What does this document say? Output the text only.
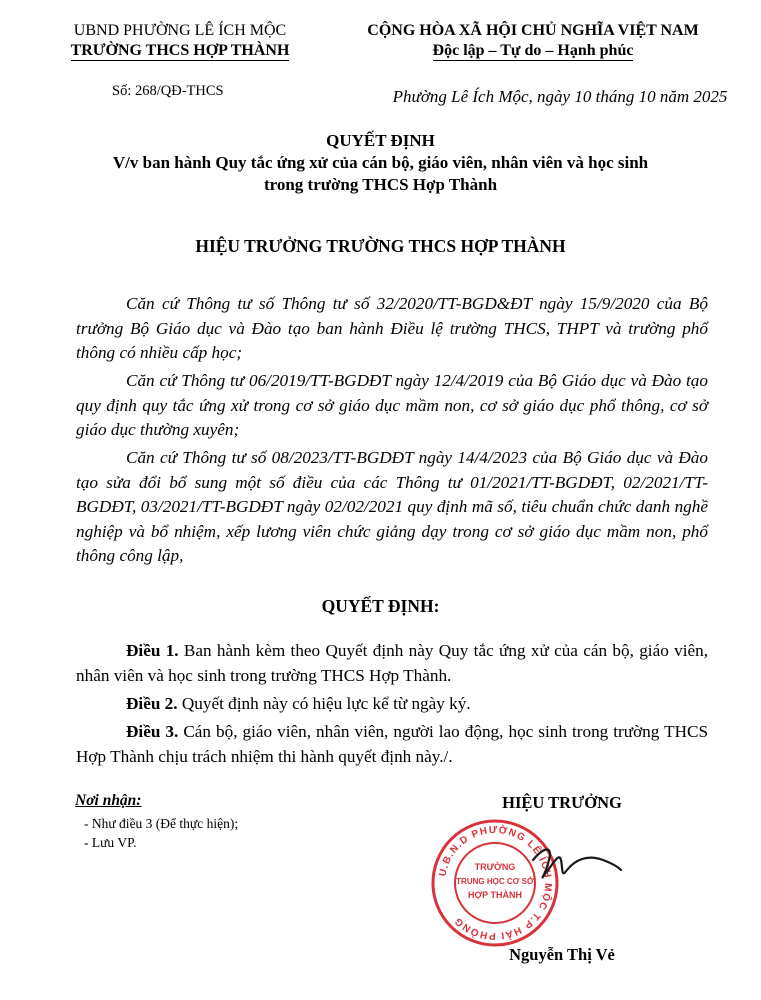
UBND PHƯỜNG LÊ ÍCH MỘC
TRƯỜNG THCS HỢP THÀNH
Số: 268/QĐ-THCS
CỘNG HÒA XÃ HỘI CHỦ NGHĨA VIỆT NAM
Độc lập – Tự do – Hạnh phúc
Phường Lê Ích Mộc, ngày 10 tháng 10 năm 2025
QUYẾT ĐỊNH
V/v ban hành Quy tắc ứng xử của cán bộ, giáo viên, nhân viên và học sinh
trong trường THCS Hợp Thành
HIỆU TRƯỞNG TRƯỜNG THCS HỢP THÀNH
Căn cứ Thông tư số Thông tư số 32/2020/TT-BGD&ĐT ngày 15/9/2020 của Bộ trưởng Bộ Giáo dục và Đào tạo ban hành Điều lệ trường THCS, THPT và trường phổ thông có nhiều cấp học;
Căn cứ Thông tư 06/2019/TT-BGDĐT ngày 12/4/2019 của Bộ Giáo dục và Đào tạo quy định quy tắc ứng xử trong cơ sở giáo dục mầm non, cơ sở giáo dục phổ thông, cơ sở giáo dục thường xuyên;
Căn cứ Thông tư số 08/2023/TT-BGDĐT ngày 14/4/2023 của Bộ Giáo dục và Đào tạo sửa đổi bổ sung một số điều của các Thông tư 01/2021/TT-BGDĐT, 02/2021/TT-BGDĐT, 03/2021/TT-BGDĐT ngày 02/02/2021 quy định mã số, tiêu chuẩn chức danh nghề nghiệp và bổ nhiệm, xếp lương viên chức giảng dạy trong cơ sở giáo dục mầm non, phổ thông công lập,
QUYẾT ĐỊNH:
Điều 1. Ban hành kèm theo Quyết định này Quy tắc ứng xử của cán bộ, giáo viên, nhân viên và học sinh trong trường THCS Hợp Thành.
Điều 2. Quyết định này có hiệu lực kể từ ngày ký.
Điều 3. Cán bộ, giáo viên, nhân viên, người lao động, học sinh trong trường THCS Hợp Thành chịu trách nhiệm thi hành quyết định này./.
Nơi nhận:
- Như điều 3 (Để thực hiện);
- Lưu VP.
HIỆU TRƯỞNG
U.B.N.D PHƯỜNG LÊ ÍCH MỘC T.P HẢI PHÒNG
TRƯỜNG
TRUNG HỌC CƠ SỞ
HỢP THÀNH
Nguyễn Thị Vẻ
